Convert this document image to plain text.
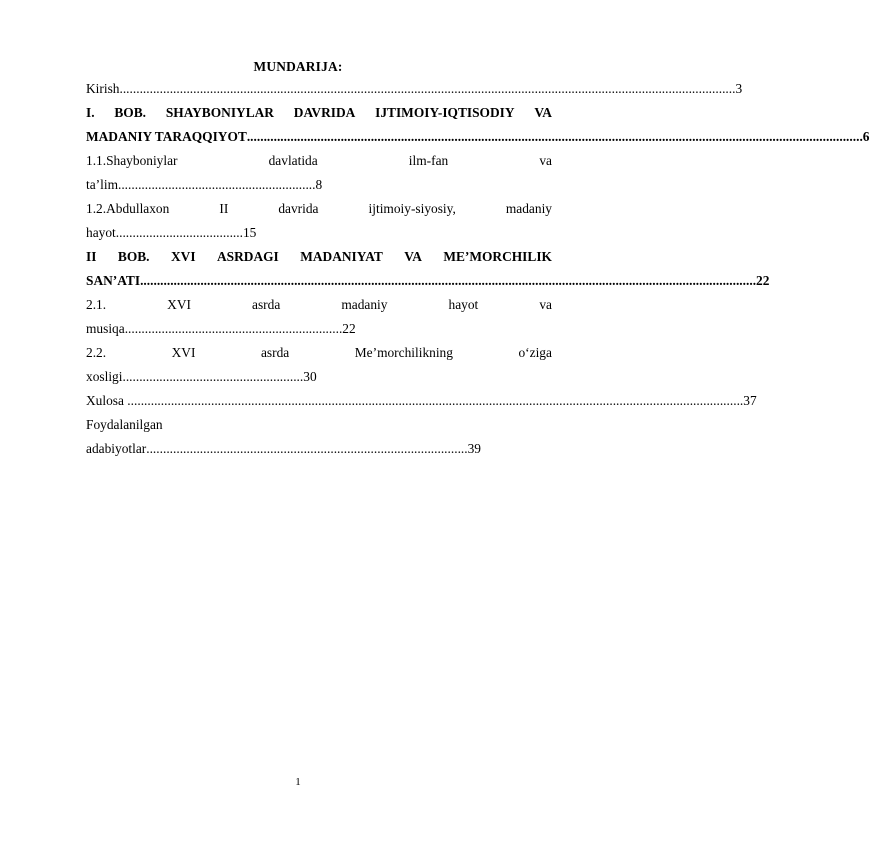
MUNDARIJA:
Kirish ........................................................................................................................................................................................ 3
I. BOB. SHAYBONIYLAR DAVRIDA IJTIMOIY-IQTISODIY VA
MADANIY TARAQQIYOT ........................................................................................................................................................................................ 6
1.1.Shayboniylar	davlatida	ilm-fan	va
ta’lim ........................................................... 8
1.2.Abdullaxon	II	davrida	ijtimoiy-siyosiy,	madaniy
hayot ...................................... 15
II BOB. XVI ASRDAGI MADANIYAT VA ME’MORCHILIK
SAN’ATI ........................................................................................................................................................................................ 22
2.1.	XVI	asrda	madaniy	hayot	va
musiqa ................................................................. 22
2.2.	XVI	asrda	Me’morchilikning	o‘ziga
xosligi ...................................................... 30
Xulosa ........................................................................................................................................................................................ 37
Foydalanilgan
adabiyotlar ................................................................................................ 39
1
